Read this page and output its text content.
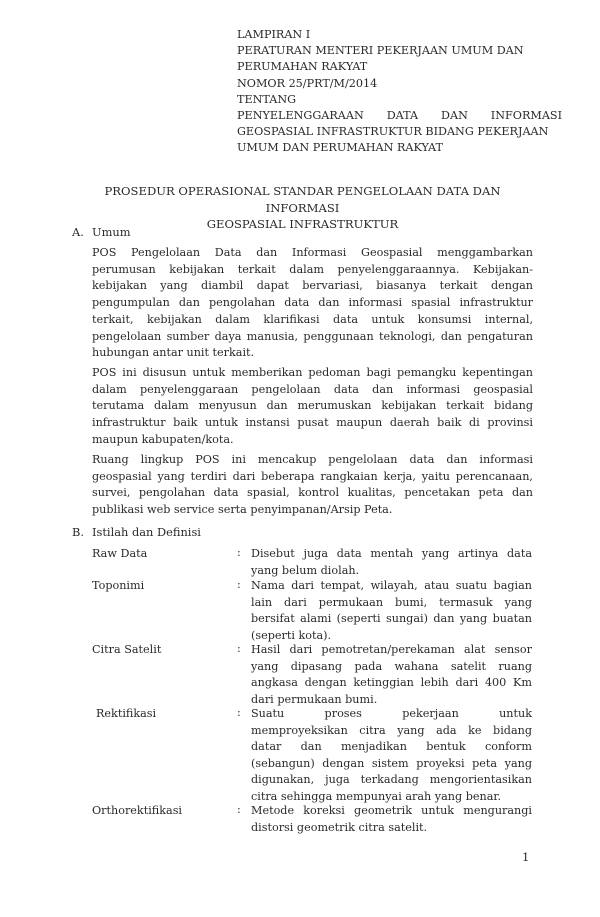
LAMPIRAN I
PERATURAN MENTERI PEKERJAAN UMUM DAN
PERUMAHAN RAKYAT
NOMOR 25/PRT/M/2014
TENTANG
PENYELENGGARAAN   DATA   DAN   INFORMASI
GEOSPASIAL INFRASTRUKTUR BIDANG PEKERJAAN
UMUM DAN PERUMAHAN RAKYAT
PROSEDUR OPERASIONAL STANDAR PENGELOLAAN DATA DAN INFORMASI
GEOSPASIAL INFRASTRUKTUR
A. Umum
POS Pengelolaan Data dan Informasi Geospasial menggambarkan
perumusan kebijakan terkait dalam penyelenggaraannya. Kebijakan-
kebijakan yang diambil dapat bervariasi, biasanya terkait dengan
pengumpulan dan pengolahan data dan informasi spasial infrastruktur
terkait, kebijakan dalam klarifikasi data untuk konsumsi internal,
pengelolaan sumber daya manusia, penggunaan teknologi, dan pengaturan
hubungan antar unit terkait.
POS ini disusun untuk memberikan pedoman bagi pemangku kepentingan
dalam penyelenggaraan pengelolaan data dan informasi geospasial
terutama dalam menyusun dan merumuskan kebijakan terkait bidang
infrastruktur baik untuk instansi pusat maupun daerah baik di provinsi
maupun kabupaten/kota.
Ruang lingkup POS ini mencakup pengelolaan data dan informasi
geospasial yang terdiri dari beberapa rangkaian kerja, yaitu perencanaan,
survei, pengolahan data spasial, kontrol kualitas, pencetakan peta dan
publikasi web service serta penyimpanan/Arsip Peta.
B. Istilah dan Definisi
Raw Data	: Disebut juga data mentah yang artinya data
yang belum diolah.
Toponimi	: Nama dari tempat, wilayah, atau suatu bagian
lain dari permukaan bumi, termasuk yang
bersifat alami (seperti sungai) dan yang buatan
(seperti kota).
Citra Satelit	: Hasil dari pemotretan/perekaman alat sensor
yang dipasang pada wahana satelit ruang
angkasa dengan ketinggian lebih dari 400 Km
dari permukaan bumi.
Rektifikasi	: Suatu proses pekerjaan untuk
memproyeksikan citra yang ada ke bidang
datar dan menjadikan bentuk conform
(sebangun) dengan sistem proyeksi peta yang
digunakan, juga terkadang mengorientasikan
citra sehingga mempunyai arah yang benar.
Orthorektifikasi	: Metode koreksi geometrik untuk mengurangi
distorsi geometrik citra satelit.
1
